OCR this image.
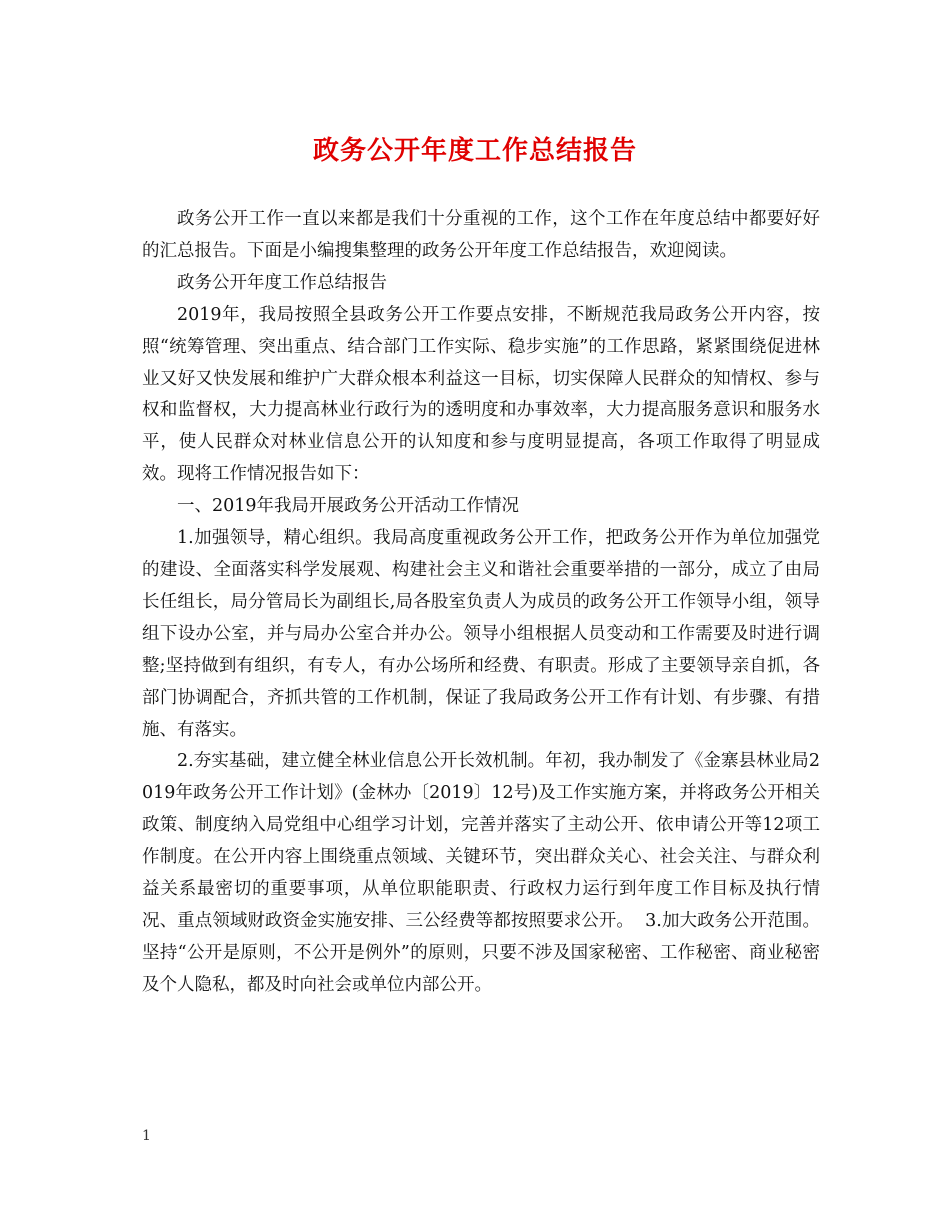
政务公开年度工作总结报告

政务公开工作一直以来都是我们十分重视的工作，这个工作在年度总结中都要好好的汇总报告。下面是小编搜集整理的政务公开年度工作总结报告，欢迎阅读。

政务公开年度工作总结报告

2019年，我局按照全县政务公开工作要点安排，不断规范我局政务公开内容，按照“统筹管理、突出重点、结合部门工作实际、稳步实施”的工作思路，紧紧围绕促进林业又好又快发展和维护广大群众根本利益这一目标，切实保障人民群众的知情权、参与权和监督权，大力提高林业行政行为的透明度和办事效率，大力提高服务意识和服务水平，使人民群众对林业信息公开的认知度和参与度明显提高，各项工作取得了明显成效。现将工作情况报告如下：

一、2019年我局开展政务公开活动工作情况

1.加强领导，精心组织。我局高度重视政务公开工作，把政务公开作为单位加强党的建设、全面落实科学发展观、构建社会主义和谐社会重要举措的一部分，成立了由局长任组长，局分管局长为副组长,局各股室负责人为成员的政务公开工作领导小组，领导组下设办公室，并与局办公室合并办公。领导小组根据人员变动和工作需要及时进行调整;坚持做到有组织，有专人，有办公场所和经费、有职责。形成了主要领导亲自抓，各部门协调配合，齐抓共管的工作机制，保证了我局政务公开工作有计划、有步骤、有措施、有落实。

2.夯实基础，建立健全林业信息公开长效机制。年初，我办制发了《金寨县林业局2019年政务公开工作计划》(金林办〔2019〕12号)及工作实施方案，并将政务公开相关政策、制度纳入局党组中心组学习计划，完善并落实了主动公开、依申请公开等12项工作制度。在公开内容上围绕重点领域、关键环节，突出群众关心、社会关注、与群众利益关系最密切的重要事项，从单位职能职责、行政权力运行到年度工作目标及执行情况、重点领域财政资金实施安排、三公经费等都按照要求公开。  3.加大政务公开范围。坚持“公开是原则，不公开是例外”的原则，只要不涉及国家秘密、工作秘密、商业秘密及个人隐私，都及时向社会或单位内部公开。

1
